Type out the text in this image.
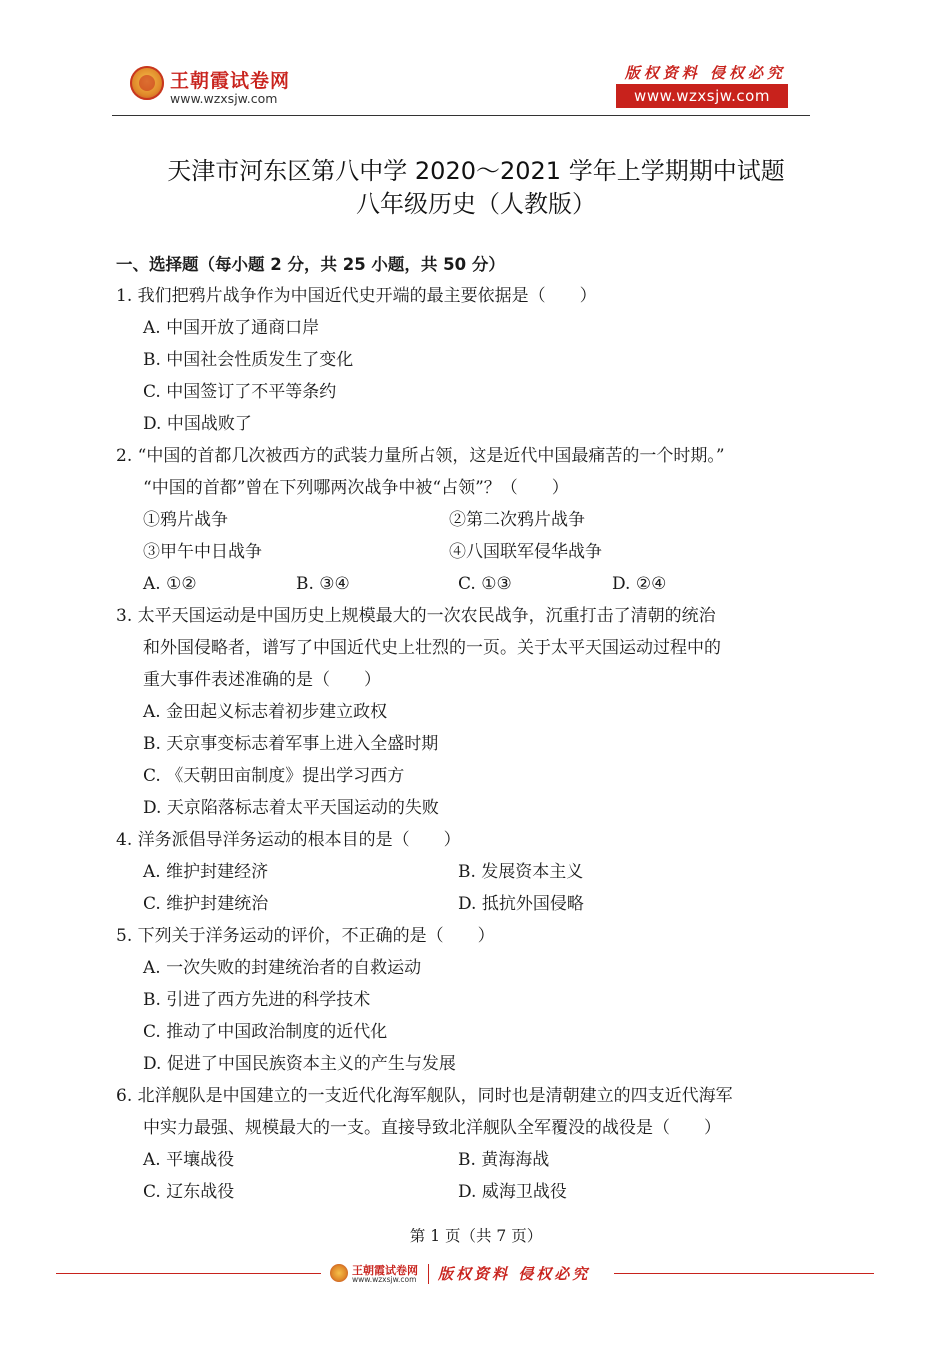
王朝霞试卷网
www.wzxsjw.com
版权资料 侵权必究
www.wzxsjw.com
天津市河东区第八中学 2020～2021 学年上学期期中试题
八年级历史（人教版）
一、选择题（每小题 2 分，共 25 小题，共 50 分）
1. 我们把鸦片战争作为中国近代史开端的最主要依据是（　　）
A. 中国开放了通商口岸
B. 中国社会性质发生了变化
C. 中国签订了不平等条约
D. 中国战败了
2. “中国的首都几次被西方的武装力量所占领，这是近代中国最痛苦的一个时期。”
“中国的首都”曾在下列哪两次战争中被“占领”？（　　）
①鸦片战争	②第二次鸦片战争
③甲午中日战争	④八国联军侵华战争
A. ①②	B. ③④	C. ①③	D. ②④
3. 太平天国运动是中国历史上规模最大的一次农民战争，沉重打击了清朝的统治
和外国侵略者，谱写了中国近代史上壮烈的一页。关于太平天国运动过程中的
重大事件表述准确的是（　　）
A. 金田起义标志着初步建立政权
B. 天京事变标志着军事上进入全盛时期
C. 《天朝田亩制度》提出学习西方
D. 天京陷落标志着太平天国运动的失败
4. 洋务派倡导洋务运动的根本目的是（　　）
A. 维护封建经济	B. 发展资本主义
C. 维护封建统治	D. 抵抗外国侵略
5. 下列关于洋务运动的评价，不正确的是（　　）
A. 一次失败的封建统治者的自救运动
B. 引进了西方先进的科学技术
C. 推动了中国政治制度的近代化
D. 促进了中国民族资本主义的产生与发展
6. 北洋舰队是中国建立的一支近代化海军舰队，同时也是清朝建立的四支近代海军
中实力最强、规模最大的一支。直接导致北洋舰队全军覆没的战役是（　　）
A. 平壤战役	B. 黄海海战
C. 辽东战役	D. 威海卫战役
第 1 页（共 7 页）
王朝霞试卷网
www.wzxsjw.com 版权资料 侵权必究
